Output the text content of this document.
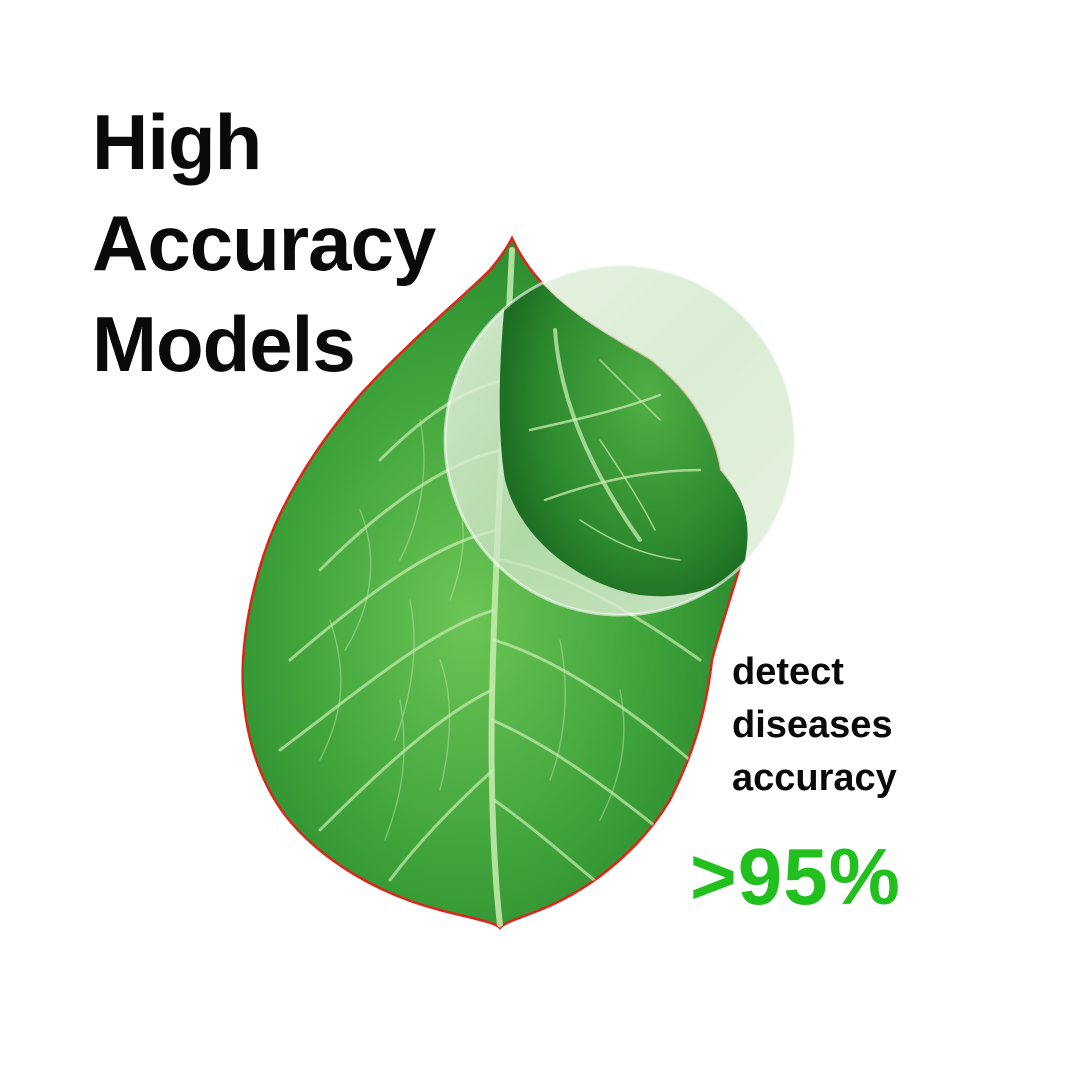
High
Accuracy
Models

detect
diseases
accuracy

>95%
